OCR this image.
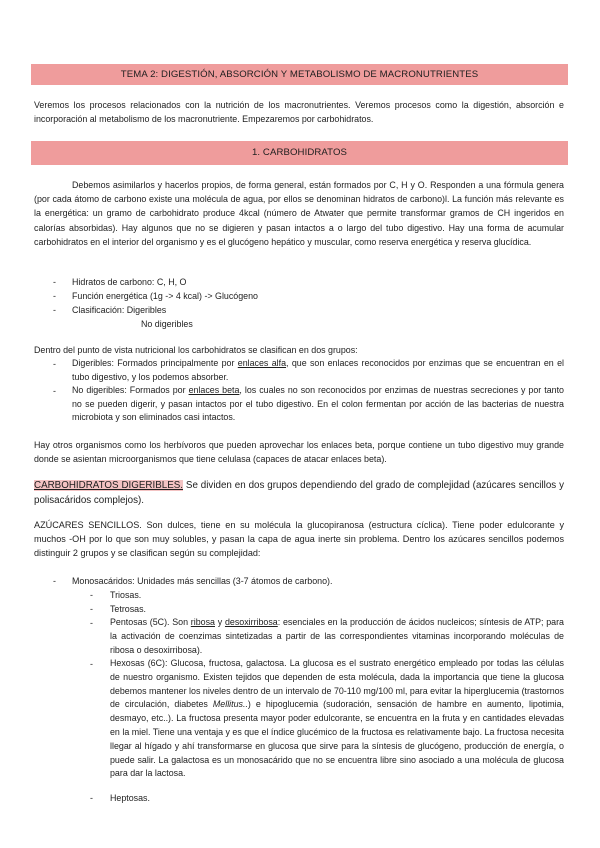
TEMA 2: DIGESTIÓN, ABSORCIÓN Y METABOLISMO DE MACRONUTRIENTES
Veremos los procesos relacionados con la nutrición de los macronutrientes. Veremos procesos como la digestión, absorción e incorporación al metabolismo de los macronutriente. Empezaremos por carbohidratos.
1. CARBOHIDRATOS
Debemos asimilarlos y hacerlos propios, de forma general, están formados por C, H y O. Responden a una fórmula genera (por cada átomo de carbono existe una molécula de agua, por ellos se denominan hidratos de carbono)l. La función más relevante es la energética: un gramo de carbohidrato produce 4kcal (número de Atwater que permite transformar gramos de CH ingeridos en calorías absorbidas). Hay algunos que no se digieren y pasan intactos a o largo del tubo digestivo. Hay una forma de acumular carbohidratos en el interior del organismo y es el glucógeno hepático y muscular, como reserva energética y reserva glucídica.
- Hidratos de carbono: C, H, O
- Función energética (1g -> 4 kcal) -> Glucógeno
- Clasificación: Digeribles
No digeribles
Dentro del punto de vista nutricional los carbohidratos se clasifican en dos grupos:
- Digeribles: Formados principalmente por enlaces alfa, que son enlaces reconocidos por enzimas que se encuentran en el tubo digestivo, y los podemos absorber.
- No digeribles: Formados por enlaces beta, los cuales no son reconocidos por enzimas de nuestras secreciones y por tanto no se pueden digerir, y pasan intactos por el tubo digestivo. En el colon fermentan por acción de las bacterias de nuestra microbiota y son eliminados casi intactos.
Hay otros organismos como los herbívoros que pueden aprovechar los enlaces beta, porque contiene un tubo digestivo muy grande donde se asientan microorganismos que tiene celulasa (capaces de atacar enlaces beta).
CARBOHIDRATOS DIGERIBLES. Se dividen en dos grupos dependiendo del grado de complejidad (azúcares sencillos y polisacáridos complejos).
AZÚCARES SENCILLOS. Son dulces, tiene en su molécula la glucopiranosa (estructura cíclica). Tiene poder edulcorante y muchos -OH por lo que son muy solubles, y pasan la capa de agua inerte sin problema. Dentro los azúcares sencillos podemos distinguir 2 grupos y se clasifican según su complejidad:
- Monosacáridos: Unidades más sencillas (3-7 átomos de carbono).
- Triosas.
- Tetrosas.
- Pentosas (5C). Son ribosa y desoxirribosa: esenciales en la producción de ácidos nucleicos; síntesis de ATP; para la activación de coenzimas sintetizadas a partir de las correspondientes vitaminas incorporando moléculas de ribosa o desoxirribosa).
- Hexosas (6C): Glucosa, fructosa, galactosa. La glucosa es el sustrato energético empleado por todas las células de nuestro organismo. Existen tejidos que dependen de esta molécula, dada la importancia que tiene la glucosa debemos mantener los niveles dentro de un intervalo de 70-110 mg/100 ml, para evitar la hiperglucemia (trastornos de circulación, diabetes Mellitus..) e hipoglucemia (sudoración, sensación de hambre en aumento, lipotimia, desmayo, etc..). La fructosa presenta mayor poder edulcorante, se encuentra en la fruta y en cantidades elevadas en la miel. Tiene una ventaja y es que el índice glucémico de la fructosa es relativamente bajo. La fructosa necesita llegar al hígado y ahí transformarse en glucosa que sirve para la síntesis de glucógeno, producción de energía, o puede salir. La galactosa es un monosacárido que no se encuentra libre sino asociado a una molécula de glucosa para dar la lactosa.
- Heptosas.
